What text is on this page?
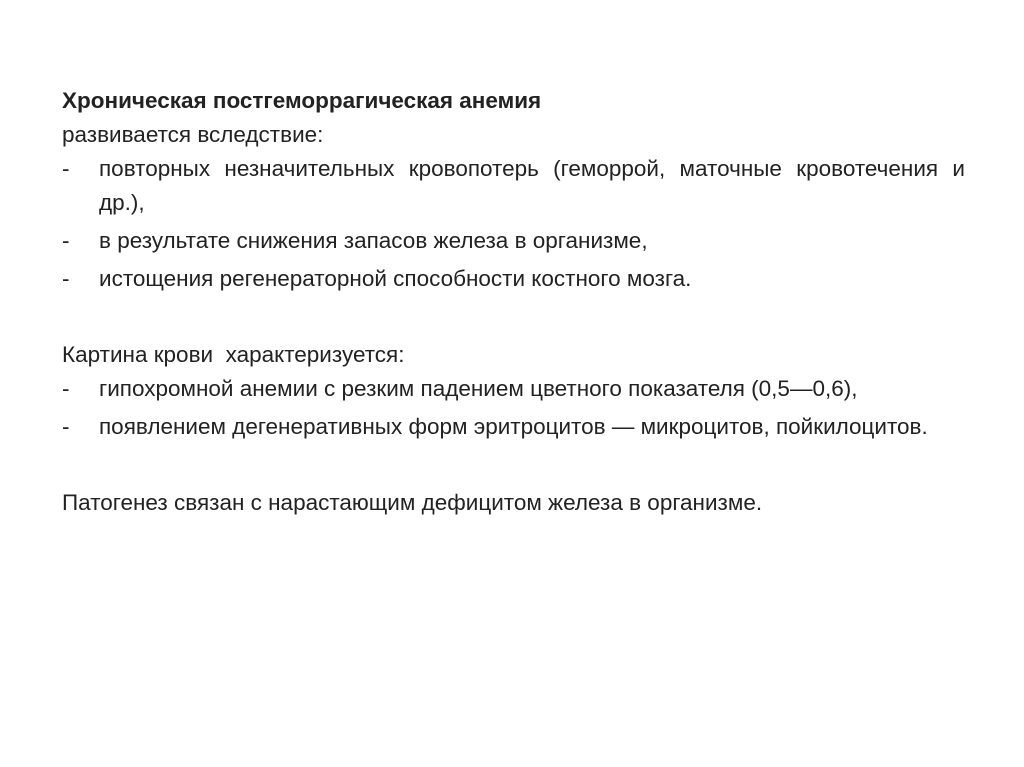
Хроническая постгеморрагическая анемия

развивается вследствие:

- повторных незначительных кровопотерь (геморрой, маточные кровотечения и др.),
- в результате снижения запасов железа в организме,
- истощения регенераторной способности костного мозга.

Картина крови  характеризуется:

- гипохромной анемии с резким падением цветного показателя (0,5—0,6),
- появлением дегенеративных форм эритроцитов — микроцитов, пойкилоцитов.

Патогенез связан с нарастающим дефицитом железа в организме.
